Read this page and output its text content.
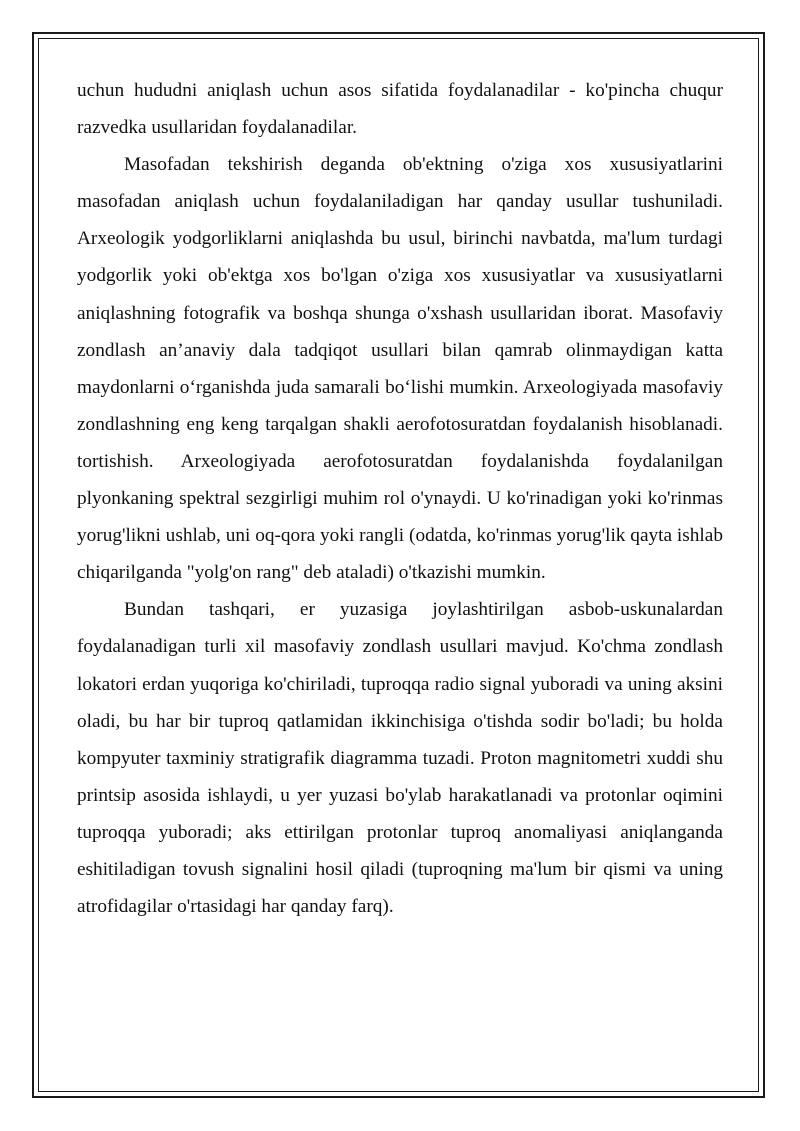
uchun hududni aniqlash uchun asos sifatida foydalanadilar - ko'pincha chuqur razvedka usullaridan foydalanadilar.

Masofadan tekshirish deganda ob'ektning o'ziga xos xususiyatlarini masofadan aniqlash uchun foydalaniladigan har qanday usullar tushuniladi. Arxeologik yodgorliklarni aniqlashda bu usul, birinchi navbatda, ma'lum turdagi yodgorlik yoki ob'ektga xos bo'lgan o'ziga xos xususiyatlar va xususiyatlarni aniqlashning fotografik va boshqa shunga o'xshash usullaridan iborat. Masofaviy zondlash an’anaviy dala tadqiqot usullari bilan qamrab olinmaydigan katta maydonlarni o‘rganishda juda samarali bo‘lishi mumkin. Arxeologiyada masofaviy zondlashning eng keng tarqalgan shakli aerofotosuratdan foydalanish hisoblanadi. tortishish. Arxeologiyada aerofotosuratdan foydalanishda foydalanilgan plyonkaning spektral sezgirligi muhim rol o'ynaydi. U ko'rinadigan yoki ko'rinmas yorug'likni ushlab, uni oq-qora yoki rangli (odatda, ko'rinmas yorug'lik qayta ishlab chiqarilganda "yolg'on rang" deb ataladi) o'tkazishi mumkin.

Bundan tashqari, er yuzasiga joylashtirilgan asbob-uskunalardan foydalanadigan turli xil masofaviy zondlash usullari mavjud. Ko'chma zondlash lokatori erdan yuqoriga ko'chiriladi, tuproqqa radio signal yuboradi va uning aksini oladi, bu har bir tuproq qatlamidan ikkinchisiga o'tishda sodir bo'ladi; bu holda kompyuter taxminiy stratigrafik diagramma tuzadi. Proton magnitometri xuddi shu printsip asosida ishlaydi, u yer yuzasi bo'ylab harakatlanadi va protonlar oqimini tuproqqa yuboradi; aks ettirilgan protonlar tuproq anomaliyasi aniqlanganda eshitiladigan tovush signalini hosil qiladi (tuproqning ma'lum bir qismi va uning atrofidagilar o'rtasidagi har qanday farq).
